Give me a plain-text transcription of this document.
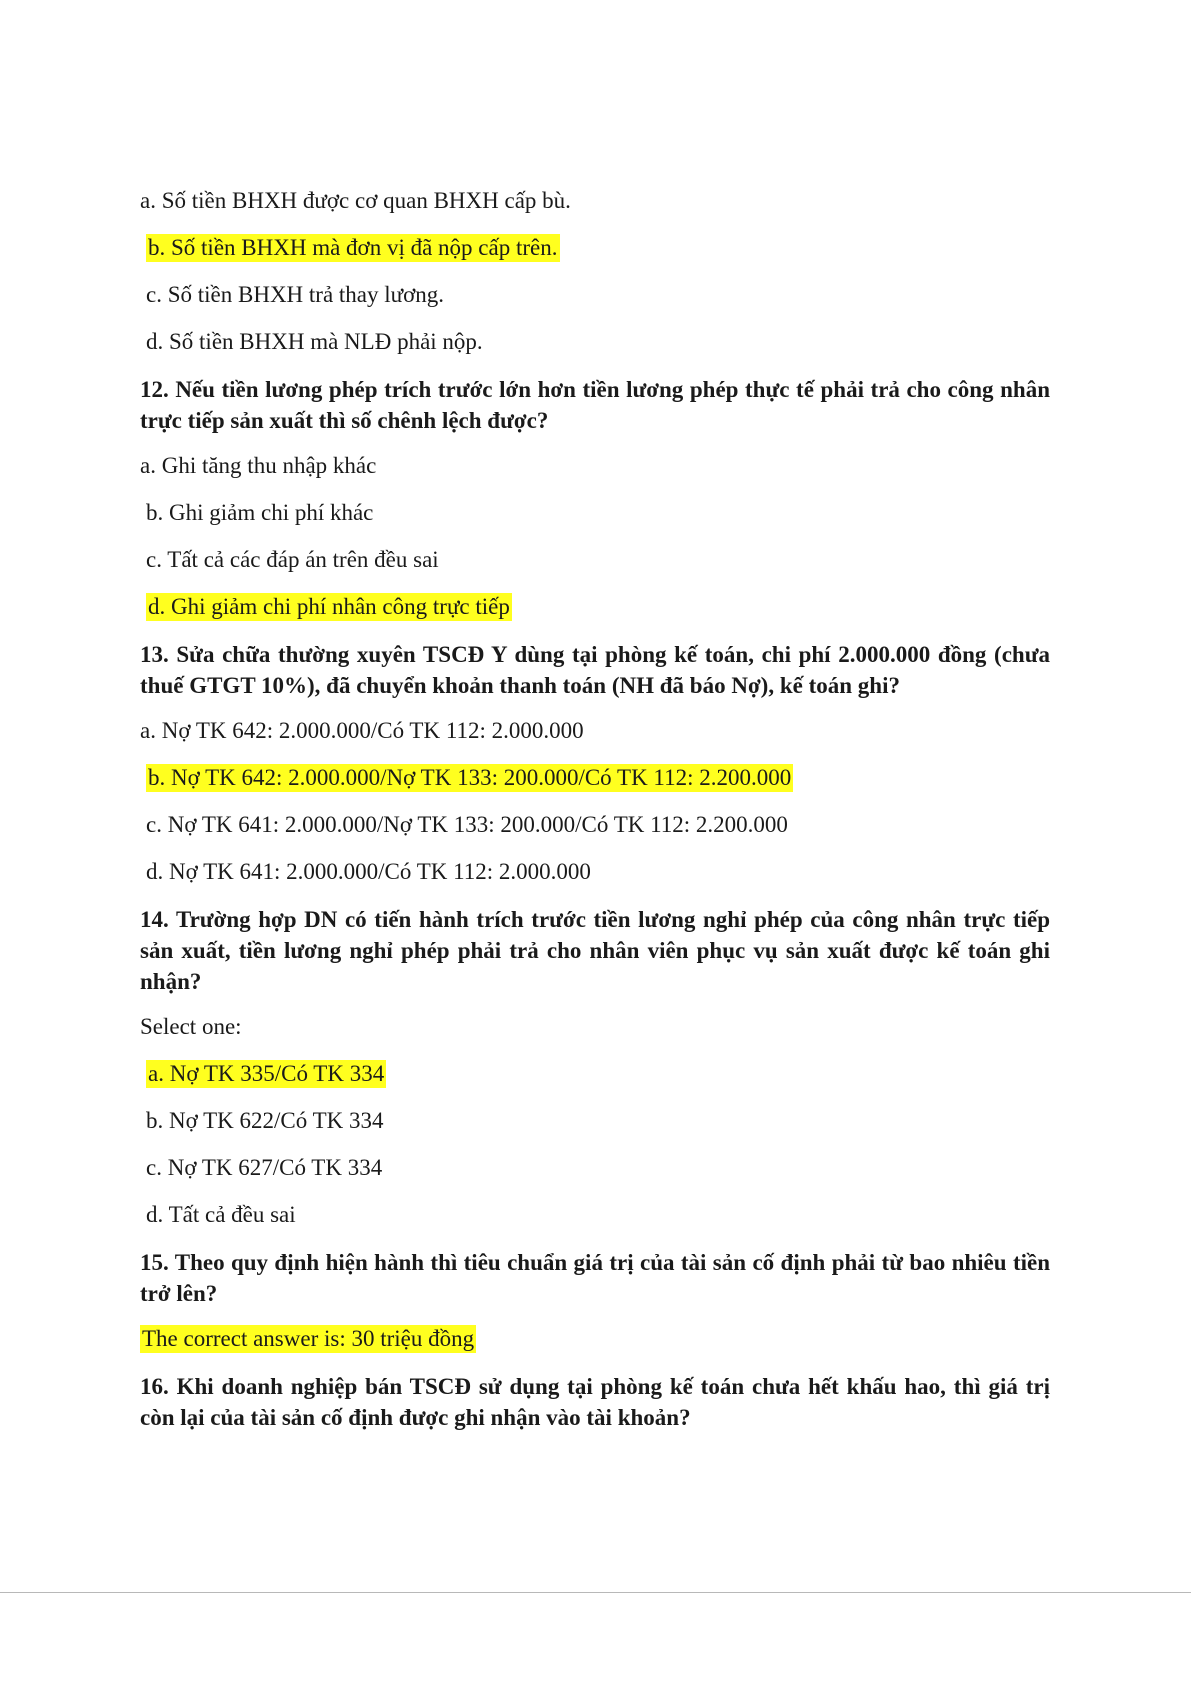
a. Số tiền BHXH được cơ quan BHXH cấp bù.

b. Số tiền BHXH mà đơn vị đã nộp cấp trên.

c. Số tiền BHXH trả thay lương.

d. Số tiền BHXH mà NLĐ phải nộp.

12. Nếu tiền lương phép trích trước lớn hơn tiền lương phép thực tế phải trả cho công nhân trực tiếp sản xuất thì số chênh lệch được?

a. Ghi tăng thu nhập khác

b. Ghi giảm chi phí khác

c. Tất cả các đáp án trên đều sai

d. Ghi giảm chi phí nhân công trực tiếp

13. Sửa chữa thường xuyên TSCĐ Y dùng tại phòng kế toán, chi phí 2.000.000 đồng (chưa thuế GTGT 10%), đã chuyển khoản thanh toán (NH đã báo Nợ), kế toán ghi?

a. Nợ TK 642: 2.000.000/Có TK 112: 2.000.000

b. Nợ TK 642: 2.000.000/Nợ TK 133: 200.000/Có TK 112: 2.200.000

c. Nợ TK 641: 2.000.000/Nợ TK 133: 200.000/Có TK 112: 2.200.000

d. Nợ TK 641: 2.000.000/Có TK 112: 2.000.000

14. Trường hợp DN có tiến hành trích trước tiền lương nghỉ phép của công nhân trực tiếp sản xuất, tiền lương nghỉ phép phải trả cho nhân viên phục vụ sản xuất được kế toán ghi nhận?

Select one:

a. Nợ TK 335/Có TK 334

b. Nợ TK 622/Có TK 334

c. Nợ TK 627/Có TK 334

d. Tất cả đều sai

15. Theo quy định hiện hành thì tiêu chuẩn giá trị của tài sản cố định phải từ bao nhiêu tiền trở lên?

The correct answer is: 30 triệu đồng

16. Khi doanh nghiệp bán TSCĐ sử dụng tại phòng kế toán chưa hết khấu hao, thì giá trị còn lại của tài sản cố định được ghi nhận vào tài khoản?
